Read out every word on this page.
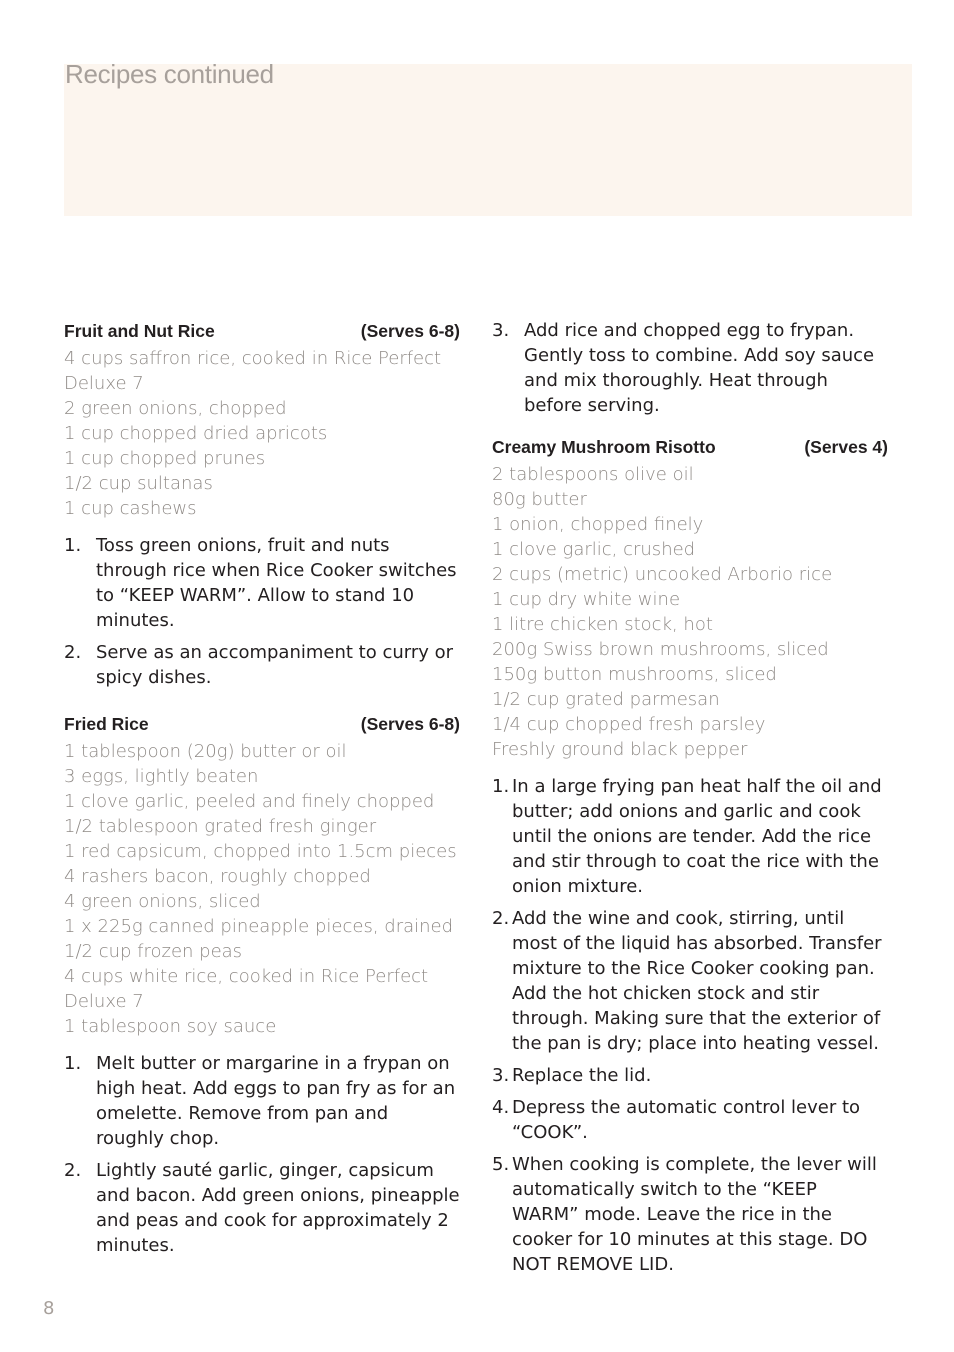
Recipes continued
Fruit and Nut Rice	(Serves 6-8)
4 cups saffron rice, cooked in Rice Perfect Deluxe 7
2 green onions, chopped
1 cup chopped dried apricots
1 cup chopped prunes
1/2 cup sultanas
1 cup cashews
1. Toss green onions, fruit and nuts through rice when Rice Cooker switches to “KEEP WARM”. Allow to stand 10 minutes.
2. Serve as an accompaniment to curry or spicy dishes.
Fried Rice	(Serves 6-8)
1 tablespoon (20g) butter or oil
3 eggs, lightly beaten
1 clove garlic, peeled and finely chopped
1/2 tablespoon grated fresh ginger
1 red capsicum, chopped into 1.5cm pieces
4 rashers bacon, roughly chopped
4 green onions, sliced
1 x 225g canned pineapple pieces, drained
1/2 cup frozen peas
4 cups white rice, cooked in Rice Perfect Deluxe 7
1 tablespoon soy sauce
1. Melt butter or margarine in a frypan on high heat. Add eggs to pan fry as for an omelette. Remove from pan and roughly chop.
2. Lightly sauté garlic, ginger, capsicum and bacon. Add green onions, pineapple and peas and cook for approximately 2 minutes.
3. Add rice and chopped egg to frypan. Gently toss to combine. Add soy sauce and mix thoroughly. Heat through before serving.
Creamy Mushroom Risotto	(Serves 4)
2 tablespoons olive oil
80g butter
1 onion, chopped finely
1 clove garlic, crushed
2 cups (metric) uncooked Arborio rice
1 cup dry white wine
1 litre chicken stock, hot
200g Swiss brown mushrooms, sliced
150g button mushrooms, sliced
1/2 cup grated parmesan
1/4 cup chopped fresh parsley
Freshly ground black pepper
1. In a large frying pan heat half the oil and butter; add onions and garlic and cook until the onions are tender. Add the rice and stir through to coat the rice with the onion mixture.
2. Add the wine and cook, stirring, until most of the liquid has absorbed. Transfer mixture to the Rice Cooker cooking pan. Add the hot chicken stock and stir through. Making sure that the exterior of the pan is dry; place into heating vessel.
3. Replace the lid.
4. Depress the automatic control lever to “COOK”.
5. When cooking is complete, the lever will automatically switch to the “KEEP WARM” mode. Leave the rice in the cooker for 10 minutes at this stage. DO NOT REMOVE LID.
8
